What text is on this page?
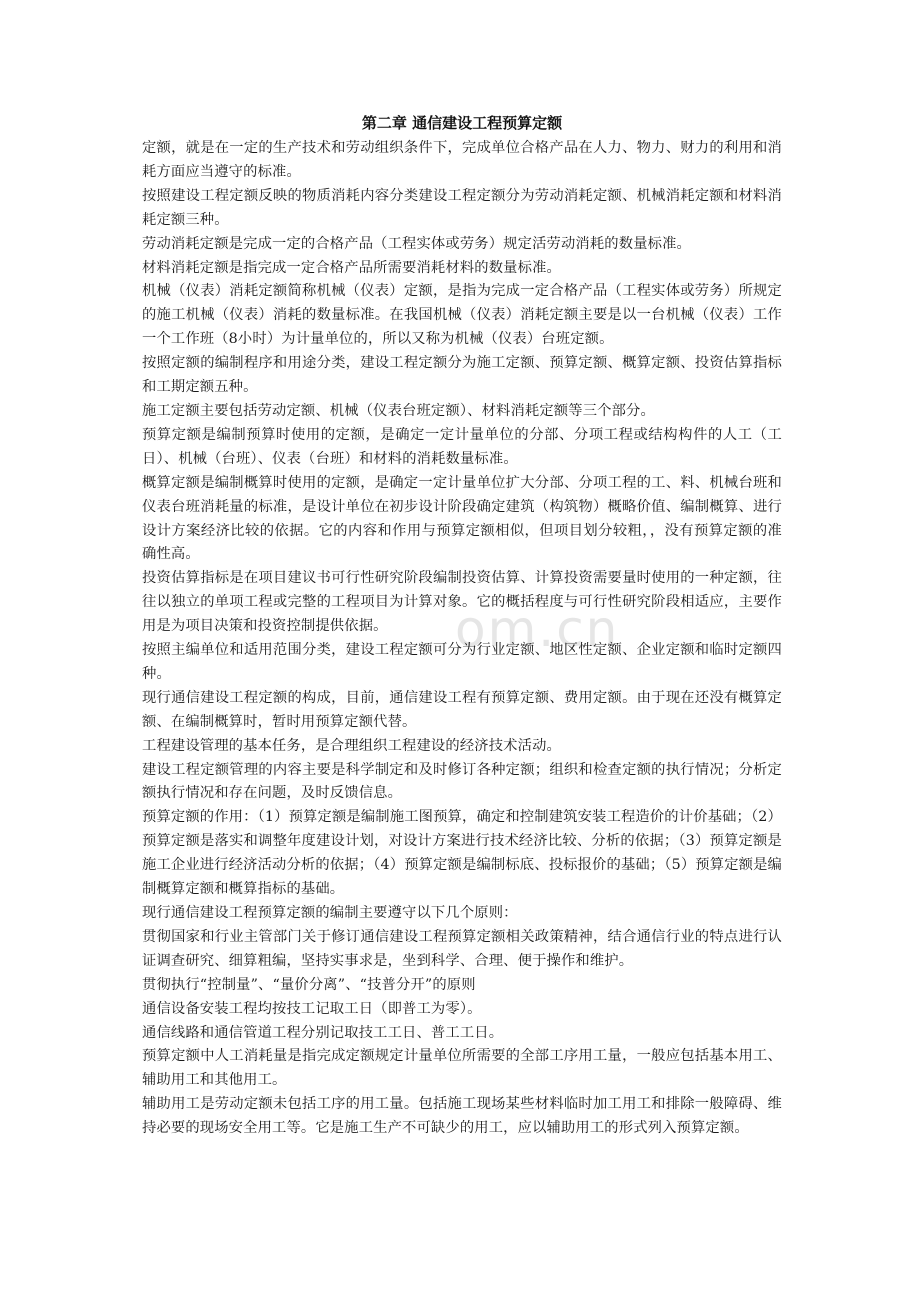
om.cn
第二章 通信建设工程预算定额

定额，就是在一定的生产技术和劳动组织条件下，完成单位合格产品在人力、物力、财力的利用和消耗方面应当遵守的标准。

按照建设工程定额反映的物质消耗内容分类建设工程定额分为劳动消耗定额、机械消耗定额和材料消耗定额三种。

劳动消耗定额是完成一定的合格产品（工程实体或劳务）规定活劳动消耗的数量标准。

材料消耗定额是指完成一定合格产品所需要消耗材料的数量标准。

机械（仪表）消耗定额简称机械（仪表）定额，是指为完成一定合格产品（工程实体或劳务）所规定的施工机械（仪表）消耗的数量标准。在我国机械（仪表）消耗定额主要是以一台机械（仪表）工作一个工作班（8小时）为计量单位的，所以又称为机械（仪表）台班定额。

按照定额的编制程序和用途分类，建设工程定额分为施工定额、预算定额、概算定额、投资估算指标和工期定额五种。

施工定额主要包括劳动定额、机械（仪表台班定额）、材料消耗定额等三个部分。

预算定额是编制预算时使用的定额，是确定一定计量单位的分部、分项工程或结构构件的人工（工日）、机械（台班）、仪表（台班）和材料的消耗数量标准。

概算定额是编制概算时使用的定额，是确定一定计量单位扩大分部、分项工程的工、料、机械台班和仪表台班消耗量的标准，是设计单位在初步设计阶段确定建筑（构筑物）概略价值、编制概算、进行设计方案经济比较的依据。它的内容和作用与预算定额相似，但项目划分较粗，，没有预算定额的准确性高。

投资估算指标是在项目建议书可行性研究阶段编制投资估算、计算投资需要量时使用的一种定额，往往以独立的单项工程或完整的工程项目为计算对象。它的概括程度与可行性研究阶段相适应，主要作用是为项目决策和投资控制提供依据。

按照主编单位和适用范围分类，建设工程定额可分为行业定额、地区性定额、企业定额和临时定额四种。

现行通信建设工程定额的构成，目前，通信建设工程有预算定额、费用定额。由于现在还没有概算定额、在编制概算时，暂时用预算定额代替。

工程建设管理的基本任务，是合理组织工程建设的经济技术活动。

建设工程定额管理的内容主要是科学制定和及时修订各种定额；组织和检查定额的执行情况；分析定额执行情况和存在问题，及时反馈信息。

预算定额的作用：（1）预算定额是编制施工图预算，确定和控制建筑安装工程造价的计价基础；（2）预算定额是落实和调整年度建设计划，对设计方案进行技术经济比较、分析的依据；（3）预算定额是施工企业进行经济活动分析的依据；（4）预算定额是编制标底、投标报价的基础；（5）预算定额是编制概算定额和概算指标的基础。

现行通信建设工程预算定额的编制主要遵守以下几个原则：

贯彻国家和行业主管部门关于修订通信建设工程预算定额相关政策精神，结合通信行业的特点进行认证调查研究、细算粗编，坚持实事求是，坐到科学、合理、便于操作和维护。

贯彻执行“控制量”、“量价分离”、“技普分开”的原则

通信设备安装工程均按技工记取工日（即普工为零）。

通信线路和通信管道工程分别记取技工工日、普工工日。

预算定额中人工消耗量是指完成定额规定计量单位所需要的全部工序用工量，一般应包括基本用工、辅助用工和其他用工。

辅助用工是劳动定额未包括工序的用工量。包括施工现场某些材料临时加工用工和排除一般障碍、维持必要的现场安全用工等。它是施工生产不可缺少的用工，应以辅助用工的形式列入预算定额。
